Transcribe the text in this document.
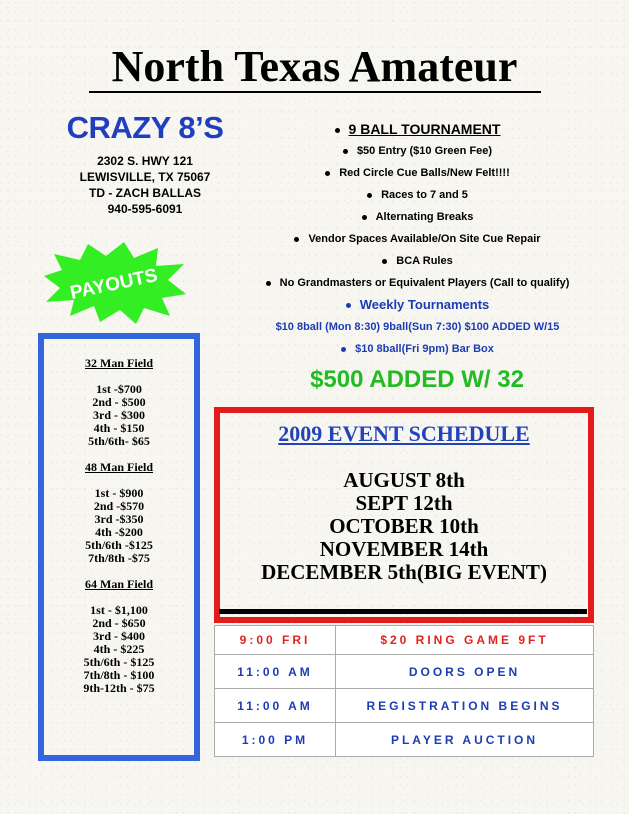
North Texas Amateur
CRAZY 8’S
2302 S. HWY 121
LEWISVILLE, TX 75067
TD - ZACH BALLAS
940-595-6091
PAYOUTS
9 BALL TOURNAMENT
$50 Entry ($10 Green Fee)
Red Circle Cue Balls/New Felt!!!!
Races to 7 and 5
Alternating Breaks
Vendor Spaces Available/On Site Cue Repair
BCA Rules
No Grandmasters or Equivalent Players (Call to qualify)
Weekly Tournaments
$10 8ball (Mon 8:30) 9ball(Sun 7:30) $100 ADDED W/15
$10 8ball(Fri 9pm) Bar Box
$500 ADDED W/ 32
32 Man Field
1st -$700
2nd - $500
3rd - $300
4th - $150
5th/6th- $65
48 Man Field
1st - $900
2nd -$570
3rd -$350
4th -$200
5th/6th -$125
7th/8th -$75
64 Man Field
1st - $1,100
2nd - $650
3rd - $400
4th - $225
5th/6th - $125
7th/8th - $100
9th-12th - $75
2009 EVENT SCHEDULE
AUGUST 8th
SEPT 12th
OCTOBER 10th
NOVEMBER 14th
DECEMBER 5th(BIG EVENT)
9:00 FRI	$20 RING GAME 9FT
11:00 AM	DOORS OPEN
11:00 AM	REGISTRATION BEGINS
1:00 PM	PLAYER AUCTION
